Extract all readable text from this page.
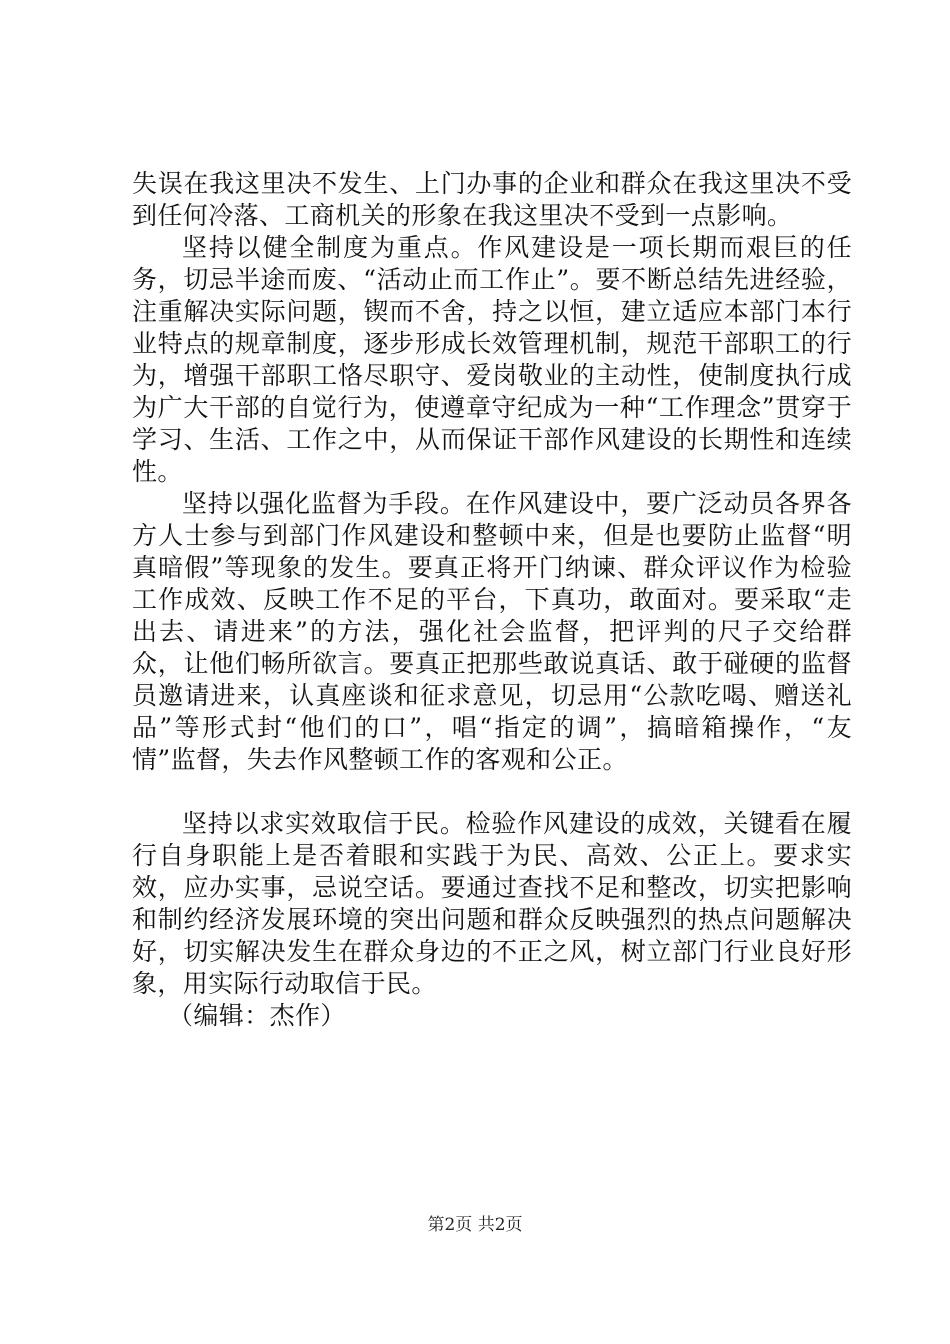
失误在我这里决不发生、上门办事的企业和群众在我这里决不受到任何冷落、工商机关的形象在我这里决不受到一点影响。

坚持以健全制度为重点。作风建设是一项长期而艰巨的任务，切忌半途而废、“活动止而工作止”。要不断总结先进经验，注重解决实际问题，锲而不舍，持之以恒，建立适应本部门本行业特点的规章制度，逐步形成长效管理机制，规范干部职工的行为，增强干部职工恪尽职守、爱岗敬业的主动性，使制度执行成为广大干部的自觉行为，使遵章守纪成为一种“工作理念”贯穿于学习、生活、工作之中，从而保证干部作风建设的长期性和连续性。

坚持以强化监督为手段。在作风建设中，要广泛动员各界各方人士参与到部门作风建设和整顿中来，但是也要防止监督“明真暗假”等现象的发生。要真正将开门纳谏、群众评议作为检验工作成效、反映工作不足的平台，下真功，敢面对。要采取“走出去、请进来”的方法，强化社会监督，把评判的尺子交给群众，让他们畅所欲言。要真正把那些敢说真话、敢于碰硬的监督员邀请进来，认真座谈和征求意见，切忌用“公款吃喝、赠送礼品”等形式封“他们的口”，唱“指定的调”，搞暗箱操作，“友情”监督，失去作风整顿工作的客观和公正。

坚持以求实效取信于民。检验作风建设的成效，关键看在履行自身职能上是否着眼和实践于为民、高效、公正上。要求实效，应办实事，忌说空话。要通过查找不足和整改，切实把影响和制约经济发展环境的突出问题和群众反映强烈的热点问题解决好，切实解决发生在群众身边的不正之风，树立部门行业良好形象，用实际行动取信于民。

（编辑：杰作）

第2页 共2页
